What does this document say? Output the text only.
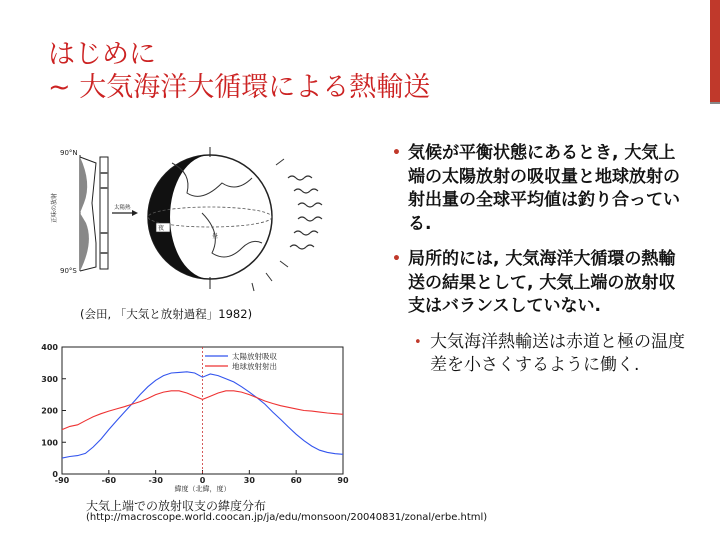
はじめに
~ 大気海洋大循環による熱輸送
90°N
90°S
正味の放射	太陽熱
夜
昼
(会田, 「大気と放射過程」1982)
0
100
200
300
400
-90	-60	-30	0	30	60	90
緯度（北緯，度）
太陽放射吸収
地球放射射出
大気上端での放射収支の緯度分布
(http://macroscope.world.coocan.jp/ja/edu/monsoon/20040831/zonal/erbe.html)
• 気候が平衡状態にあるとき, 大気上端の太陽放射の吸収量と地球放射の射出量の全球平均値は釣り合っている.
• 局所的には, 大気海洋大循環の熱輸送の結果として, 大気上端の放射収支はバランスしていない.
• 大気海洋熱輸送は赤道と極の温度差を小さくするように働く.
